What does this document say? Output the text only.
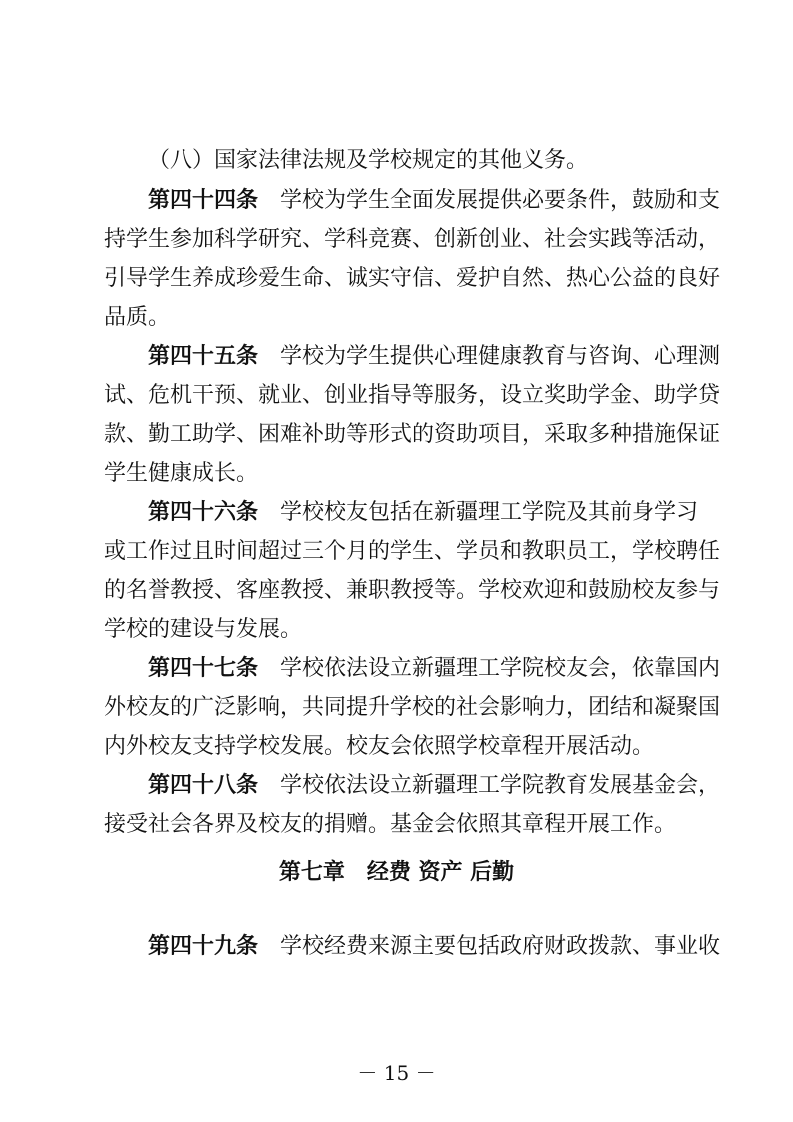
（八）国家法律法规及学校规定的其他义务。
第四十四条 学校为学生全面发展提供必要条件，鼓励和支
持学生参加科学研究、学科竞赛、创新创业、社会实践等活动，
引导学生养成珍爱生命、诚实守信、爱护自然、热心公益的良好
品质。
第四十五条 学校为学生提供心理健康教育与咨询、心理测
试、危机干预、就业、创业指导等服务，设立奖助学金、助学贷
款、勤工助学、困难补助等形式的资助项目，采取多种措施保证
学生健康成长。
第四十六条 学校校友包括在新疆理工学院及其前身学习
或工作过且时间超过三个月的学生、学员和教职员工，学校聘任
的名誉教授、客座教授、兼职教授等。学校欢迎和鼓励校友参与
学校的建设与发展。
第四十七条 学校依法设立新疆理工学院校友会，依靠国内
外校友的广泛影响，共同提升学校的社会影响力，团结和凝聚国
内外校友支持学校发展。校友会依照学校章程开展活动。
第四十八条 学校依法设立新疆理工学院教育发展基金会，
接受社会各界及校友的捐赠。基金会依照其章程开展工作。
第七章　经费 资产 后勤
第四十九条 学校经费来源主要包括政府财政拨款、事业收
－ 15 －
